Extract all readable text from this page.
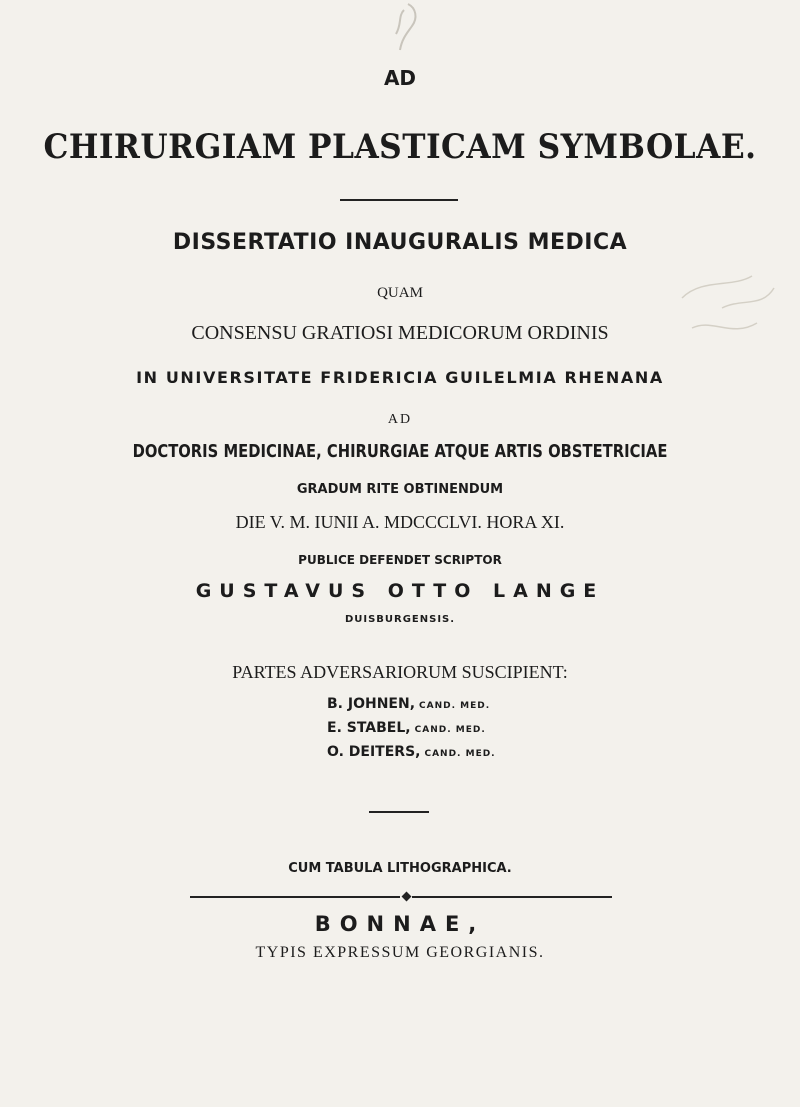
AD
CHIRURGIAM PLASTICAM SYMBOLAE.
DISSERTATIO INAUGURALIS MEDICA
QUAM
CONSENSU GRATIOSI MEDICORUM ORDINIS
IN UNIVERSITATE FRIDERICIA GUILELMIA RHENANA
AD
DOCTORIS MEDICINAE, CHIRURGIAE ATQUE ARTIS OBSTETRICIAE
GRADUM RITE OBTINENDUM
DIE V. M. IUNII A. MDCCCLVI. HORA XI.
PUBLICE DEFENDET SCRIPTOR
GUSTAVUS OTTO LANGE
DUISBURGENSIS.
PARTES ADVERSARIORUM SUSCIPIENT:
B. JOHNEN, CAND. MED.
E. STABEL, CAND. MED.
O. DEITERS, CAND. MED.
CUM TABULA LITHOGRAPHICA.
BONNAE,
TYPIS EXPRESSUM GEORGIANIS.
